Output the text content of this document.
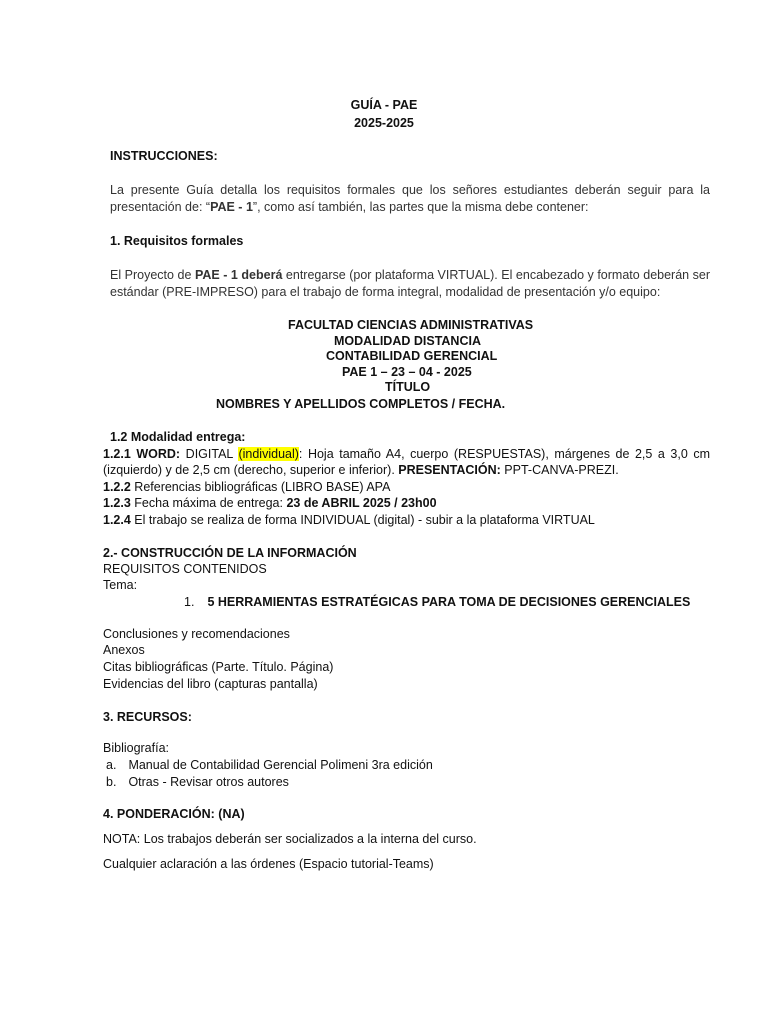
GUÍA - PAE
2025-2025
INSTRUCCIONES:
La presente Guía detalla los requisitos formales que los señores estudiantes deberán seguir para la
presentación de: “PAE - 1”, como así también, las partes que la misma debe contener:
1. Requisitos formales
El Proyecto de PAE - 1 deberá entregarse (por plataforma VIRTUAL). El encabezado y formato deberán ser
estándar (PRE-IMPRESO) para el trabajo de forma integral, modalidad de presentación y/o equipo:
FACULTAD CIENCIAS ADMINISTRATIVAS
MODALIDAD DISTANCIA
CONTABILIDAD GERENCIAL
PAE 1 – 23 – 04 - 2025
TÍTULO
NOMBRES Y APELLIDOS COMPLETOS / FECHA.
1.2 Modalidad entrega:
1.2.1 WORD: DIGITAL (individual): Hoja tamaño A4, cuerpo (RESPUESTAS), márgenes de 2,5 a 3,0 cm
(izquierdo) y de 2,5 cm (derecho, superior e inferior). PRESENTACIÓN: PPT-CANVA-PREZI.
1.2.2 Referencias bibliográficas (LIBRO BASE) APA
1.2.3 Fecha máxima de entrega: 23 de ABRIL 2025 / 23h00
1.2.4 El trabajo se realiza de forma INDIVIDUAL (digital) - subir a la plataforma VIRTUAL
2.- CONSTRUCCIÓN DE LA INFORMACIÓN
REQUISITOS CONTENIDOS
Tema:
1. 5 HERRAMIENTAS ESTRATÉGICAS PARA TOMA DE DECISIONES GERENCIALES
Conclusiones y recomendaciones
Anexos
Citas bibliográficas (Parte. Título. Página)
Evidencias del libro (capturas pantalla)
3. RECURSOS:
Bibliografía:
a. Manual de Contabilidad Gerencial Polimeni 3ra edición
b. Otras - Revisar otros autores
4. PONDERACIÓN: (NA)
NOTA: Los trabajos deberán ser socializados a la interna del curso.
Cualquier aclaración a las órdenes (Espacio tutorial-Teams)
